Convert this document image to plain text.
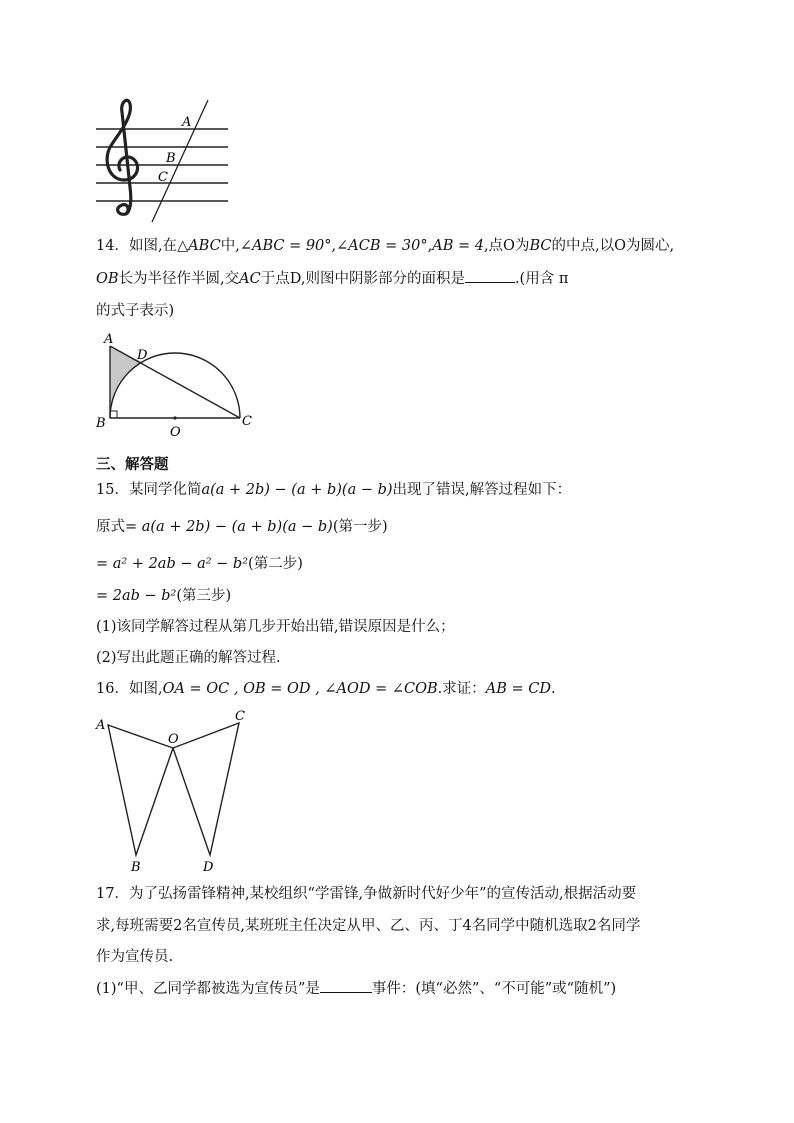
A
B
C
14．如图,在△ABC中,∠ABC = 90°,∠ACB = 30°,AB = 4,点O为BC的中点,以O为圆心,
OB长为半径作半圆,交AC于点D,则图中阴影部分的面积是	.(用含 π
的式子表示)
A
D
B
O
C
三、解答题
15．某同学化简a(a + 2b) − (a + b)(a − b)出现了错误,解答过程如下：
原式= a(a + 2b) − (a + b)(a − b)(第一步)
= a² + 2ab − a² − b²(第二步)
= 2ab − b²(第三步)
(1)该同学解答过程从第几步开始出错,错误原因是什么；
(2)写出此题正确的解答过程.
16．如图,OA = OC , OB = OD , ∠AOD = ∠COB.求证：AB = CD.
A
O
C
B	D
17．为了弘扬雷锋精神,某校组织“学雷锋,争做新时代好少年”的宣传活动,根据活动要
求,每班需要2名宣传员,某班班主任决定从甲、乙、丙、丁4名同学中随机选取2名同学
作为宣传员.
(1)“甲、乙同学都被选为宣传员”是	事件：(填“必然”、“不可能”或“随机”)
